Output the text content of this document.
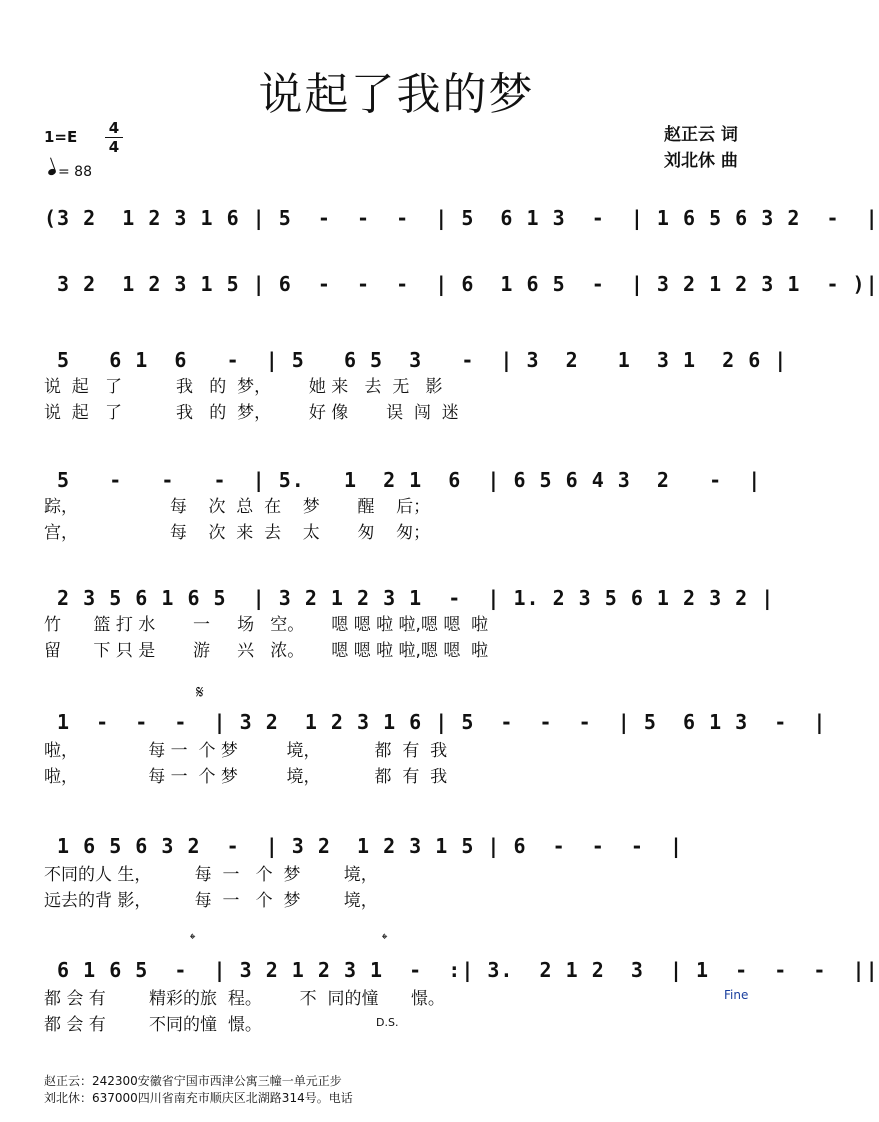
说起了我的梦
1=E	4
4
= 88
赵正云 词
刘北休 曲
(3 2  1 2 3 1 6 | 5  -  -  -  | 5  6 1 3  -  | 1 6 5 6 3 2  -  |
3 2  1 2 3 1 5 | 6  -  -  -  | 6  1 6 5  -  | 3 2 1 2 3 1  - )|
5   6 1  6   -  | 5   6 5  3   -  | 3  2   1  3 1  2 6 |
说  起   了          我   的  梦，       她 来   去  无   影
说  起   了          我   的  梦，       好 像       误  闯  迷
5   -   -   -  | 5.   1  2 1  6  | 6 5 6 4 3  2   -  |
踪，                 每    次  总  在    梦       醒    后；
宫，                 每    次  来  去    太       匆    匆；
2 3 5 6 1 6 5  | 3 2 1 2 3 1  -  | 1. 2 3 5 6 1 2 3 2 |
竹      篮 打 水       一     场   空。     嗯 嗯 啦 啦,嗯 嗯  啦
留      下 只 是       游     兴   浓。     嗯 嗯 啦 啦,嗯 嗯  啦
𝄋
1  -  -  -  | 3 2  1 2 3 1 6 | 5  -  -  -  | 5  6 1 3  -  |
啦，             每 一  个 梦         境，          都  有  我
啦，             每 一  个 梦         境，          都  有  我
1 6 5 6 3 2  -  | 3 2  1 2 3 1 5 | 6  -  -  -  |
不同的人 生，        每  一   个  梦        境，
远去的背 影，        每  一   个  梦        境，
𝄌	𝄌
6 1 6 5  -  | 3 2 1 2 3 1  -  :| 3.  2 1 2  3  | 1  -  -  -  ||
都 会 有        精彩的旅  程。       不  同的憧      憬。
都 会 有        不同的憧  憬。	D.S.
Fine
赵正云：242300安徽省宁国市西津公寓三幢一单元正步
刘北休：637000四川省南充市顺庆区北湖路314号。电话
